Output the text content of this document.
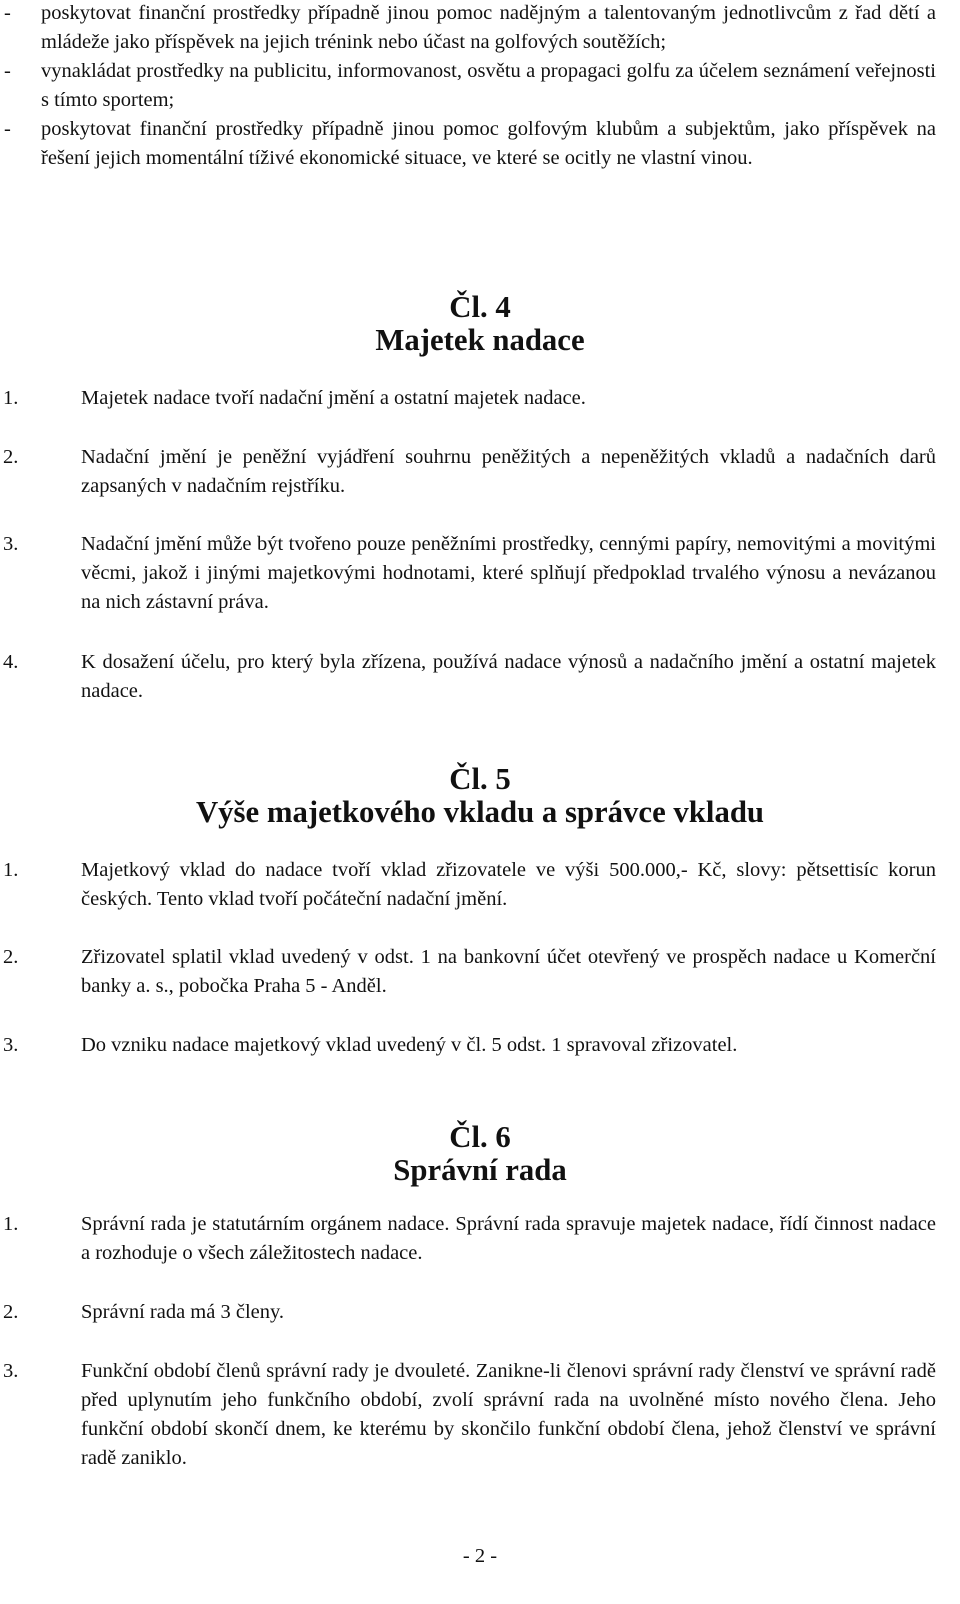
-	poskytovat finanční prostředky případně jinou pomoc nadějným a talentovaným jednotlivcům z řad dětí a mládeže jako příspěvek na jejich trénink nebo účast na golfových soutěžích;
-	vynakládat prostředky na publicitu, informovanost, osvětu a propagaci golfu za účelem seznámení veřejnosti s tímto sportem;
-	poskytovat finanční prostředky případně jinou pomoc golfovým klubům a subjektům, jako příspěvek na řešení jejich momentální tíživé ekonomické situace, ve které se ocitly ne vlastní vinou.
Čl. 4
Majetek nadace
1.	Majetek nadace tvoří nadační jmění a ostatní majetek nadace.
2.	Nadační jmění je peněžní vyjádření souhrnu peněžitých a nepeněžitých vkladů a nadačních darů zapsaných v nadačním rejstříku.
3.	Nadační jmění může být tvořeno pouze peněžními prostředky, cennými papíry, nemovitými a movitými věcmi, jakož i jinými majetkovými hodnotami, které splňují předpoklad trvalého výnosu a nevázanou na nich zástavní práva.
4.	K dosažení účelu, pro který byla zřízena, používá nadace výnosů a nadačního jmění a ostatní majetek nadace.
Čl. 5
Výše majetkového vkladu a správce vkladu
1.	Majetkový vklad do nadace tvoří vklad zřizovatele ve výši 500.000,- Kč, slovy: pětsettisíc korun českých. Tento vklad tvoří počáteční nadační jmění.
2.	Zřizovatel splatil vklad uvedený v odst. 1 na bankovní účet otevřený ve prospěch nadace u Komerční banky a. s., pobočka Praha 5 - Anděl.
3.	Do vzniku nadace majetkový vklad uvedený v čl. 5 odst. 1 spravoval zřizovatel.
Čl. 6
Správní rada
1.	Správní rada je statutárním orgánem nadace. Správní rada spravuje majetek nadace, řídí činnost nadace a rozhoduje o všech záležitostech nadace.
2.	Správní rada má 3 členy.
3.	Funkční období členů správní rady je dvouleté. Zanikne-li členovi správní rady členství ve správní radě před uplynutím jeho funkčního období, zvolí správní rada na uvolněné místo nového člena. Jeho funkční období skončí dnem, ke kterému by skončilo funkční období člena, jehož členství ve správní radě zaniklo.
- 2 -
